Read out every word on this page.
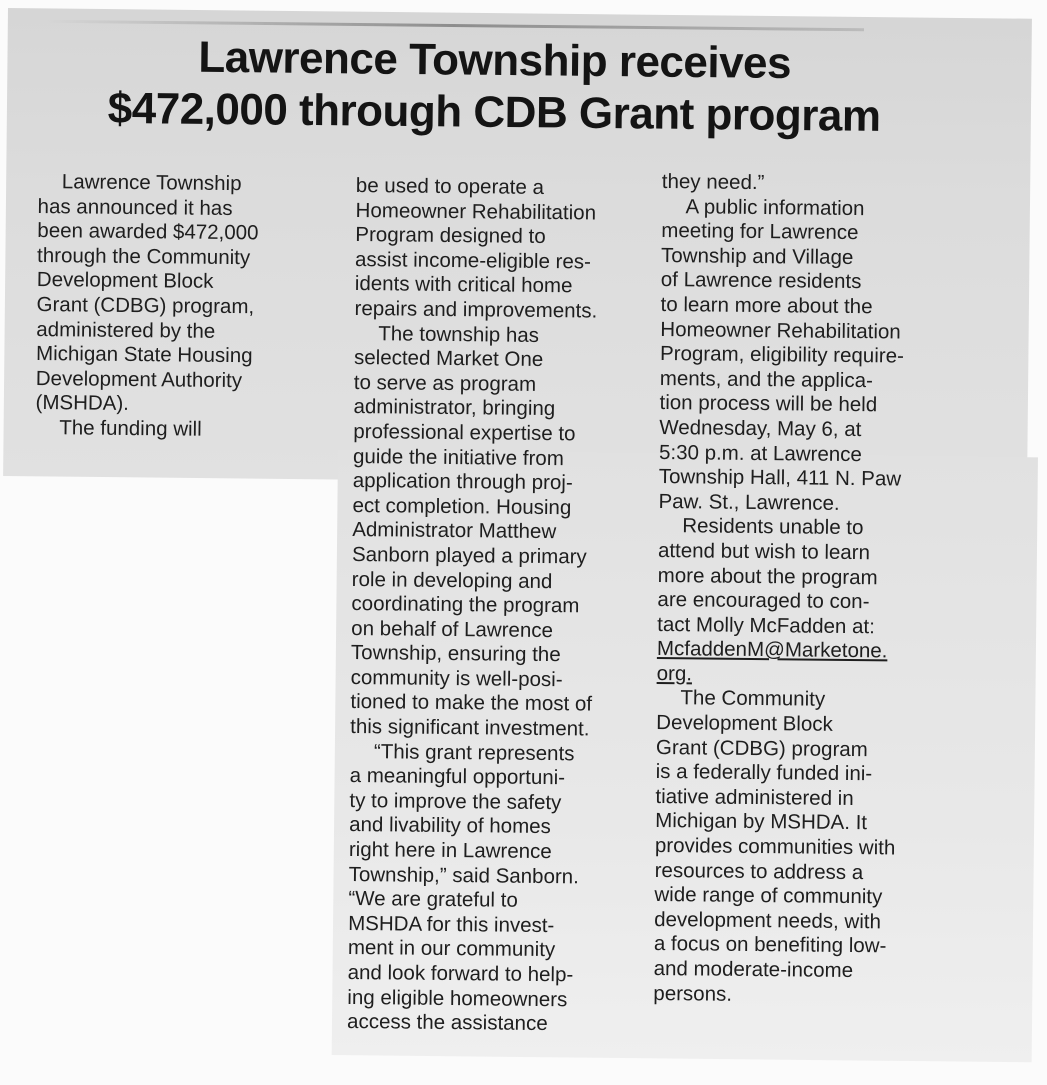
Lawrence Township receives
$472,000 through CDB Grant program
Lawrence Township
has announced it has
been awarded $472,000
through the Community
Development Block
Grant (CDBG) program,
administered by the
Michigan State Housing
Development Authority
(MSHDA).
The funding will
be used to operate a
Homeowner Rehabilitation
Program designed to
assist income-eligible res-
idents with critical home
repairs and improvements.
The township has
selected Market One
to serve as program
administrator, bringing
professional expertise to
guide the initiative from
application through proj-
ect completion. Housing
Administrator Matthew
Sanborn played a primary
role in developing and
coordinating the program
on behalf of Lawrence
Township, ensuring the
community is well-posi-
tioned to make the most of
this significant investment.
“This grant represents
a meaningful opportuni-
ty to improve the safety
and livability of homes
right here in Lawrence
Township,” said Sanborn.
“We are grateful to
MSHDA for this invest-
ment in our community
and look forward to help-
ing eligible homeowners
access the assistance
they need.”
A public information
meeting for Lawrence
Township and Village
of Lawrence residents
to learn more about the
Homeowner Rehabilitation
Program, eligibility require-
ments, and the applica-
tion process will be held
Wednesday, May 6, at
5:30 p.m. at Lawrence
Township Hall, 411 N. Paw
Paw. St., Lawrence.
Residents unable to
attend but wish to learn
more about the program
are encouraged to con-
tact Molly McFadden at:
McfaddenM@Marketone.
org.
The Community
Development Block
Grant (CDBG) program
is a federally funded ini-
tiative administered in
Michigan by MSHDA. It
provides communities with
resources to address a
wide range of community
development needs, with
a focus on benefiting low-
and moderate-income
persons.
